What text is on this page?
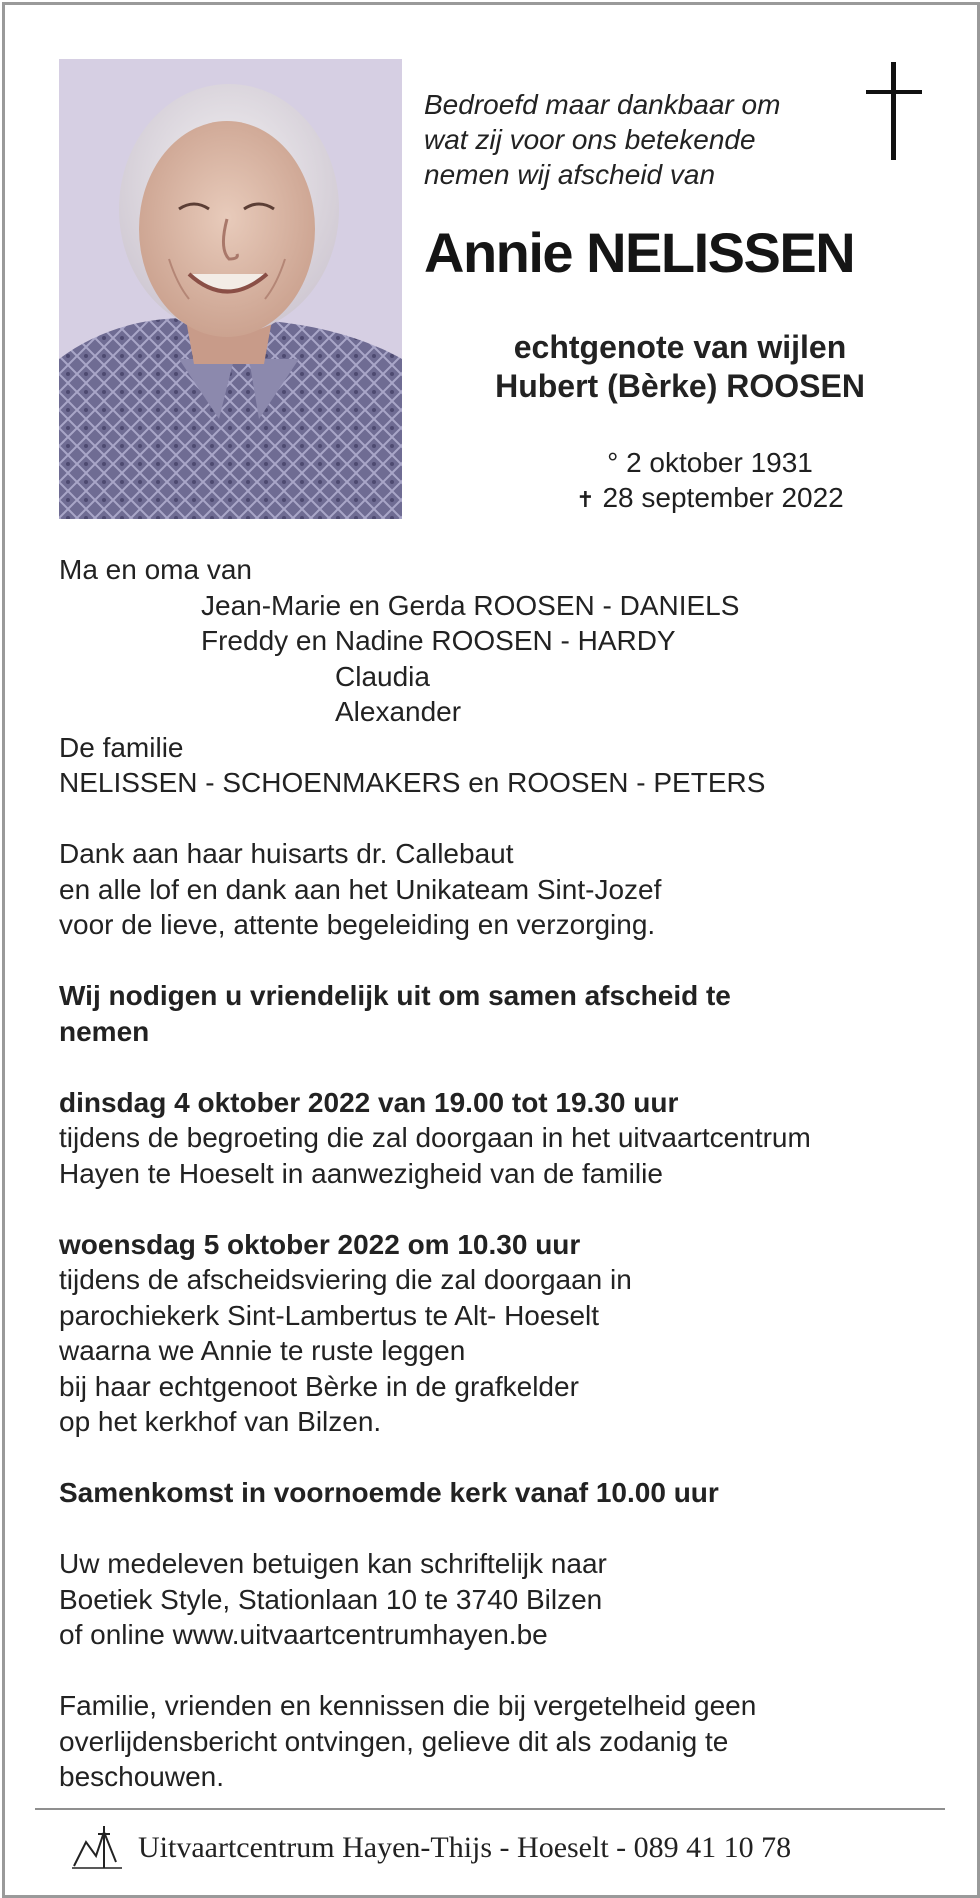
Bedroefd maar dankbaar om
wat zij voor ons betekende
nemen wij afscheid van
Annie NELISSEN
echtgenote van wijlen
Hubert (Bèrke) ROOSEN
° 2 oktober 1931
✝ 28 september 2022
Ma en oma van
Jean-Marie en Gerda ROOSEN - DANIELS
Freddy en Nadine ROOSEN - HARDY
Claudia
Alexander
De familie
NELISSEN - SCHOENMAKERS en ROOSEN - PETERS
Dank aan haar huisarts dr. Callebaut
en alle lof en dank aan het Unikateam Sint-Jozef
voor de lieve, attente begeleiding en verzorging.
Wij nodigen u vriendelijk uit om samen afscheid te
nemen
dinsdag 4 oktober 2022 van 19.00 tot 19.30 uur
tijdens de begroeting die zal doorgaan in het uitvaartcentrum
Hayen te Hoeselt in aanwezigheid van de familie
woensdag 5 oktober 2022 om 10.30 uur
tijdens de afscheidsviering die zal doorgaan in
parochiekerk Sint-Lambertus te Alt- Hoeselt
waarna we Annie te ruste leggen
bij haar echtgenoot Bèrke in de grafkelder
op het kerkhof van Bilzen.
Samenkomst in voornoemde kerk vanaf 10.00 uur
Uw medeleven betuigen kan schriftelijk naar
Boetiek Style, Stationlaan 10 te 3740 Bilzen
of online www.uitvaartcentrumhayen.be
Familie, vrienden en kennissen die bij vergetelheid geen
overlijdensbericht ontvingen, gelieve dit als zodanig te
beschouwen.
Uitvaartcentrum Hayen-Thijs - Hoeselt - 089 41 10 78
